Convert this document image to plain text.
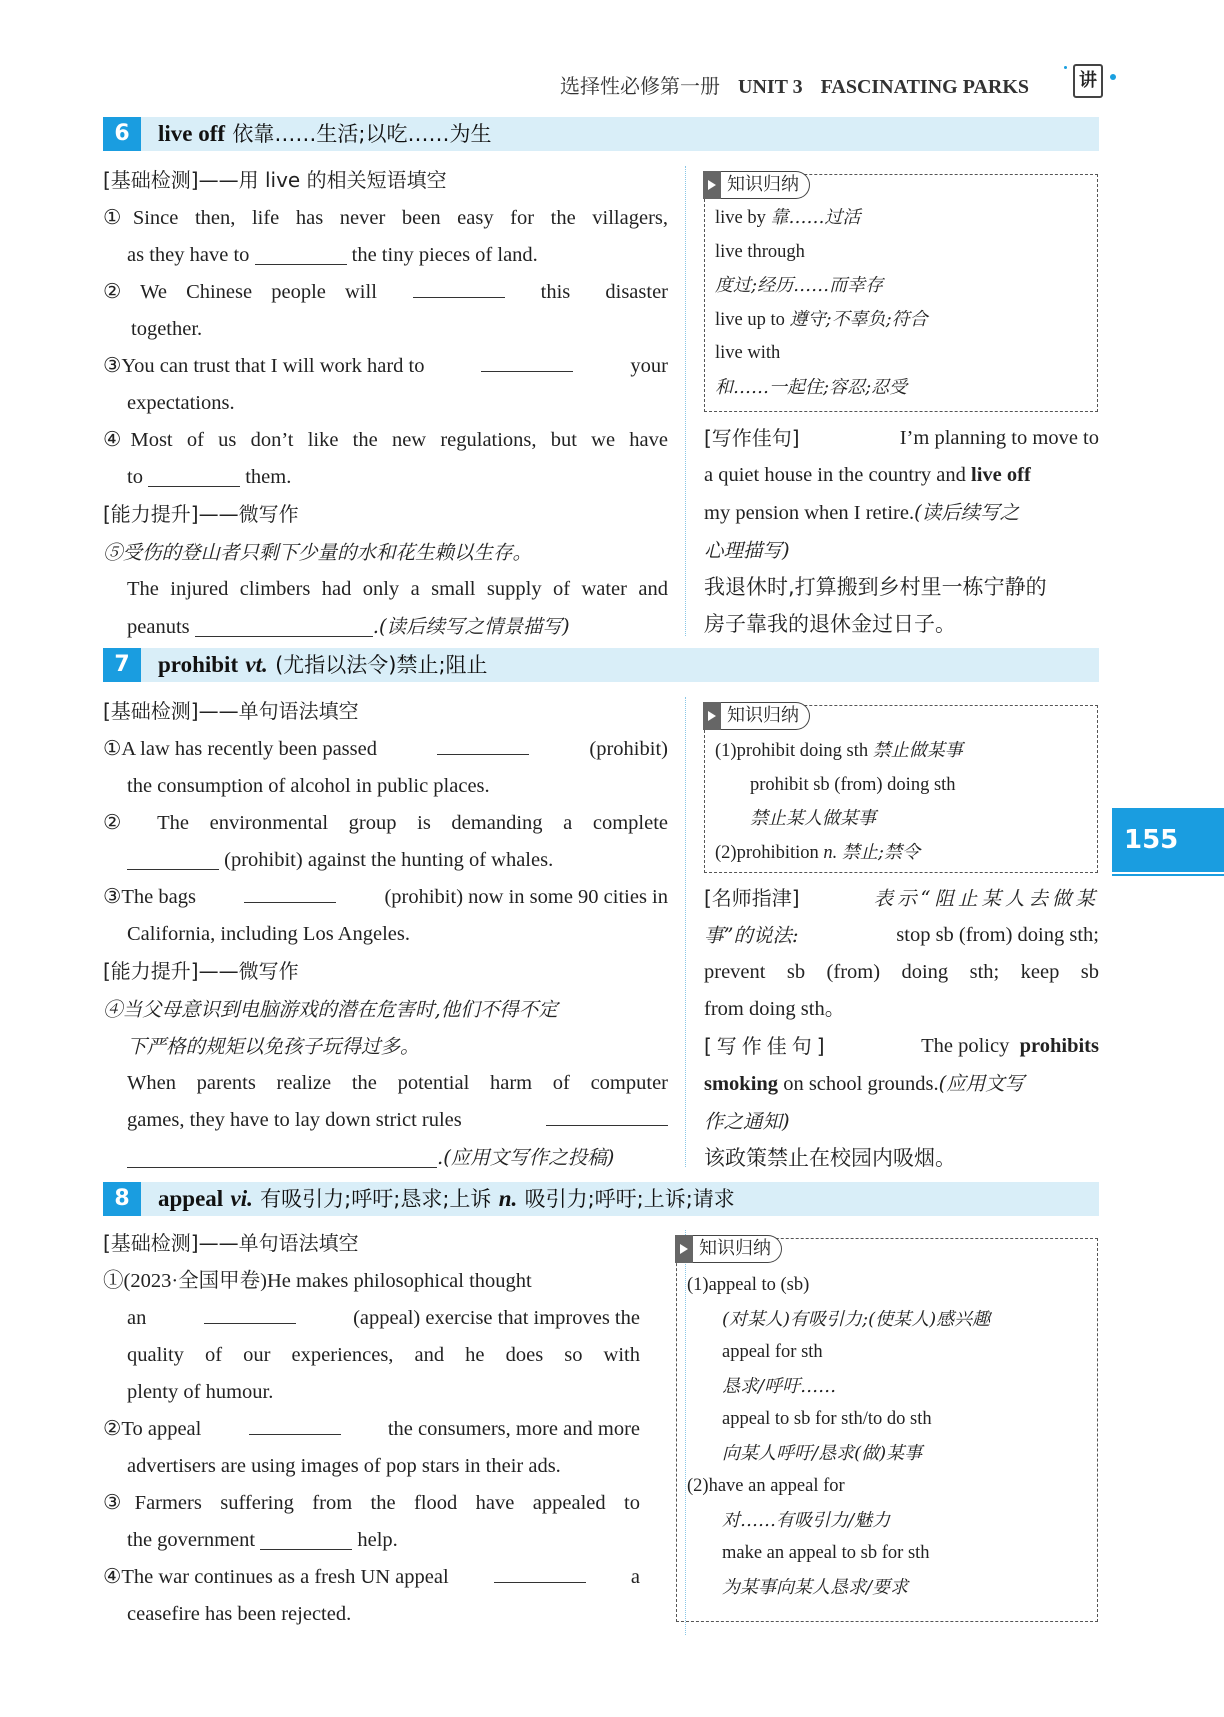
选择性必修第一册 UNIT 3 FASCINATING PARKS	讲
155
6	live off 依靠……生活;以吃……为生
[基础检测]——用 live 的相关短语填空
①Since then, life has never been easy for the villagers,
as they have to	the tiny pieces of land.
② We Chinese people will	this disaster
together.
③You can trust that I will work hard to	your
expectations.
④Most of us don’t like the new regulations, but we have
to	them.
[能力提升]——微写作
⑤受伤的登山者只剩下少量的水和花生赖以生存。
The injured climbers had only a small supply of water and
peanuts	.(读后续写之情景描写)
知识归纳
live by 靠……过活
live through
度过;经历……而幸存
live up to 遵守;不辜负;符合
live with
和……一起住;容忍;忍受
[写作佳句]	I’m planning to move to
a quiet house in the country and live off
my pension when I retire.(读后续写之
心理描写)
我退休时,打算搬到乡村里一栋宁静的
房子靠我的退休金过日子。
7	prohibit vt. (尤指以法令)禁止;阻止
[基础检测]——单句语法填空
①A law has recently been passed	(prohibit)
the consumption of alcohol in public places.
② The environmental group is demanding a complete
(prohibit) against the hunting of whales.
③The bags	(prohibit) now in some 90 cities in
California, including Los Angeles.
[能力提升]——微写作
④当父母意识到电脑游戏的潜在危害时,他们不得不定
下严格的规矩以免孩子玩得过多。
When parents realize the potential harm of computer
games, they have to lay down strict rules
.(应用文写作之投稿)
知识归纳
(1)prohibit doing sth 禁止做某事
prohibit sb (from) doing sth
禁止某人做某事
(2)prohibition n. 禁止;禁令
[名师指津]	表示“阻止某人去做某
事”的说法:	stop sb (from) doing sth;
prevent sb (from) doing sth; keep sb
from doing sth。
[写作佳句]	The policy prohibits
smoking on school grounds.(应用文写
作之通知)
该政策禁止在校园内吸烟。
8	appeal vi. 有吸引力;呼吁;恳求;上诉 n. 吸引力;呼吁;上诉;请求
[基础检测]——单句语法填空
①(2023·全国甲卷)He makes philosophical thought
an	(appeal) exercise that improves the
quality of our experiences, and he does so with
plenty of humour.
②To appeal	the consumers, more and more
advertisers are using images of pop stars in their ads.
③Farmers suffering from the flood have appealed to
the government	help.
④The war continues as a fresh UN appeal	a
ceasefire has been rejected.
知识归纳
(1)appeal to (sb)
(对某人)有吸引力;(使某人)感兴趣
appeal for sth
恳求/呼吁……
appeal to sb for sth/to do sth
向某人呼吁/恳求(做)某事
(2)have an appeal for
对……有吸引力/魅力
make an appeal to sb for sth
为某事向某人恳求/要求
